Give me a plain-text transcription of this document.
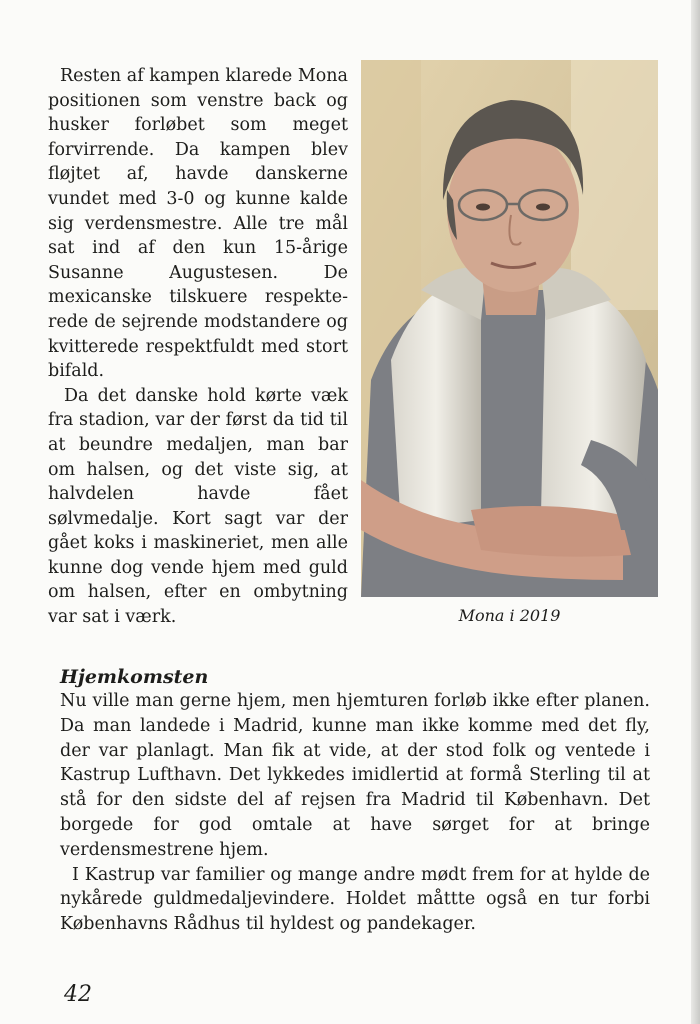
Resten af kampen klarede Mona positionen som venstre back og husker forløbet som meget forvirrende. Da kampen blev fløjtet af, havde danskerne vundet med 3-0 og kunne kalde sig verdensmestre. Alle tre mål sat ind af den kun 15-årige Susanne Augustesen. De mexicanske tilskuere respekterede de sejrende modstandere og kvitterede respektfuldt med stort bifald.

Da det danske hold kørte væk fra stadion, var der først da tid til at beundre medaljen, man bar om halsen, og det viste sig, at halvdelen havde fået sølvmedalje. Kort sagt var der gået koks i maskineriet, men alle kunne dog vende hjem med guld om halsen, efter en ombytning var sat i værk.	Mona i 2019
Hjemkomsten

Nu ville man gerne hjem, men hjemturen forløb ikke efter planen. Da man landede i Madrid, kunne man ikke komme med det fly, der var planlagt. Man fik at vide, at der stod folk og ventede i Kastrup Lufthavn. Det lykkedes imidlertid at formå Sterling til at stå for den sidste del af rejsen fra Madrid til København. Det borgede for god omtale at have sørget for at bringe verdensmestrene hjem.

I Kastrup var familier og mange andre mødt frem for at hylde de nykårede guldmedaljevindere. Holdet måttte også en tur forbi Københavns Rådhus til hyldest og pandekager.

42
